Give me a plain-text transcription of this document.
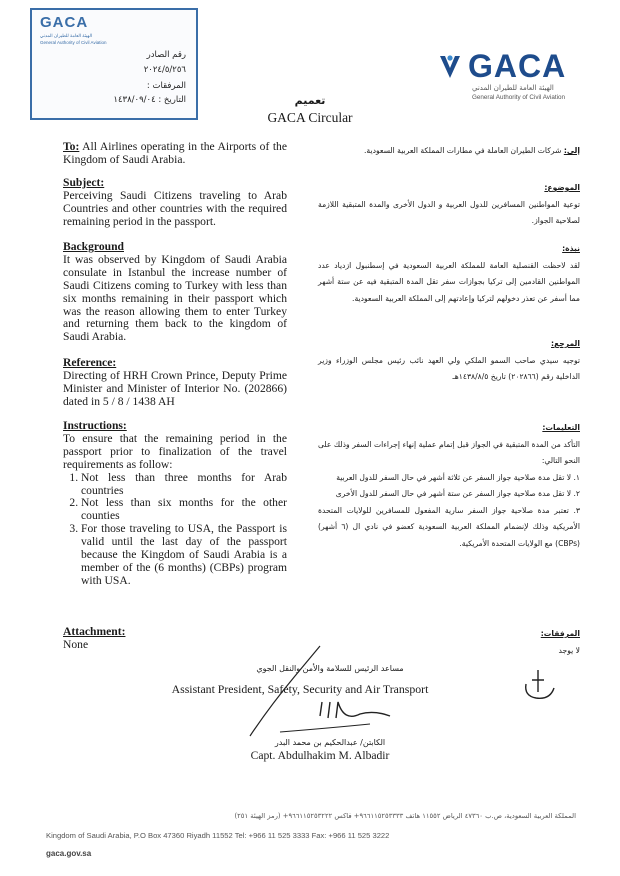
GACA
الهيئة العامة للطيران المدني
General Authority of Civil Aviation
رقم الصادر
٢٠٢٤/٥/٢٥٦
المرفقات :
التاريخ : ١٤٣٨/٠٩/٠٤
GACA
الهيئة العامة للطيران المدني
General Authority of Civil Aviation
تعميم
GACA Circular
To: All Airlines operating in the Airports of the Kingdom of Saudi Arabia.
Subject:
Perceiving Saudi Citizens traveling to Arab Countries and other countries with the required remaining period in the passport.
Background
It was observed by Kingdom of Saudi Arabia consulate in Istanbul the increase number of Saudi Citizens coming to Turkey with less than six months remaining in their passport which was the reason allowing them to enter Turkey and returning them back to the kingdom of Saudi Arabia.
Reference:
Directing of HRH Crown Prince, Deputy Prime Minister and Minister of Interior No. (202866) dated in 5 / 8 / 1438 AH
Instructions:
To ensure that the remaining period in the passport prior to finalization of the travel requirements as follow:
1. Not less than three months for Arab countries
2. Not less than six months for the other counties
3. For those traveling to USA, the Passport is valid until the last day of the passport because the Kingdom of Saudi Arabia is a member of the (6 months) (CBPs) program with USA.
Attachment:
None
إلى: شركات الطيران العاملة في مطارات المملكة العربية السعودية.
الموضوع:
توعية المواطنين المسافرين للدول العربية و الدول الأخرى والمدة المتبقية اللازمة لصلاحية الجواز.
نبذة:
لقد لاحظت القنصلية العامة للمملكة العربية السعودية في إسطنبول ازدياد عدد المواطنين القادمين إلى تركيا بجوازات سفر تقل المدة المتبقية فيه عن ستة أشهر مما أسفر عن تعذر دخولهم لتركيا وإعادتهم إلى المملكة العربية السعودية.
المرجع:
توجيه سيدي صاحب السمو الملكي ولي العهد نائب رئيس مجلس الوزراء وزير الداخلية رقم (٢٠٢٨٦٦) تاريخ ١٤٣٨/٨/٥هـ
التعليمات:
التأكد من المدة المتبقية في الجواز قبل إتمام عملية إنهاء إجراءات السفر وذلك على النحو التالي:

١. لا تقل مدة صلاحية جواز السفر عن ثلاثة أشهر في حال السفر للدول العربية

٢. لا تقل مدة صلاحية جواز السفر عن ستة أشهر في حال السفر للدول الأخرى

٣. تعتبر مدة صلاحية جواز السفر سارية المفعول للمسافرين للولايات المتحدة الأمريكية وذلك لإنضمام المملكة العربية السعودية كعضو في نادي ال (٦ أشهر) (CBPs) مع الولايات المتحدة الأمريكية.

المرفقات:
لا يوجد
مساعد الرئيس للسلامة والأمن والنقل الجوي
Assistant President, Safety, Security and Air Transport
الكابتن/ عبدالحكيم بن محمد البدر
Capt. Abdulhakim M. Albadir
المملكة العربية السعودية، ص.ب ٤٧٣٦٠ الرياض ١١٥٥٢ هاتف ٩٦٦١١٥٢٥٣٣٣٣+ فاكس ٩٦٦١١٥٢٥٣٢٢٢+ (رمز الهيئة ٢٥١)
Kingdom of Saudi Arabia, P.O Box 47360 Riyadh 11552 Tel: +966 11 525 3333 Fax: +966 11 525 3222
gaca.gov.sa
